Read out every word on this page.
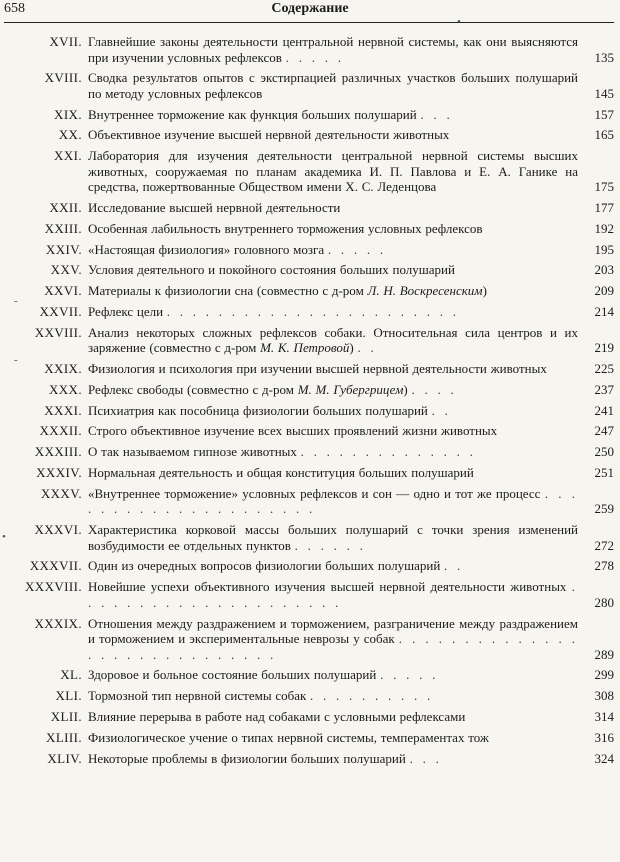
658	Содержание
XVII. Главнейшие законы деятельности центральной нервной системы, как они выясняются при изучении условных рефлексов . . . . .	135
XVIII. Сводка результатов опытов с экстирпацией различных участков больших полушарий по методу условных рефлексов	145
XIX. Внутреннее торможение как функция больших полушарий . . .	157
XX. Объективное изучение высшей нервной деятельности животных	165
XXI. Лаборатория для изучения деятельности центральной нервной системы высших животных, сооружаемая по планам академика И. П. Павлова и Е. А. Ганике на средства, пожертвованные Обществом имени Х. С. Леденцова	175
XXII. Исследование высшей нервной деятельности	177
XXIII. Особенная лабильность внутреннего торможения условных рефлексов	192
XXIV. «Настоящая физиология» головного мозга . . . . .	195
XXV. Условия деятельного и покойного состояния больших полушарий	203
XXVI. Материалы к физиологии сна (совместно с д-ром Л. Н. Воскресенским)	209
XXVII. Рефлекс цели . . . . . . . . . . . . . . . . . . . . . . .	214
XXVIII. Анализ некоторых сложных рефлексов собаки. Относительная сила центров и их заряжение (совместно с д-ром М. К. Петровой) . .	219
XXIX. Физиология и психология при изучении высшей нервной деятельности животных	225
XXX. Рефлекс свободы (совместно с д-ром М. М. Губергрицем) . . . .	237
XXXI. Психиатрия как пособница физиологии больших полушарий . .	241
XXXII. Строго объективное изучение всех высших проявлений жизни животных	247
XXXIII. О так называемом гипнозе животных . . . . . . . . . . . . . .	250
XXXIV. Нормальная деятельность и общая конституция больших полушарий	251
XXXV. «Внутреннее торможение» условных рефлексов и сон — одно и тот же процесс . . . . . . . . . . . . . . . . . . . . .	259
XXXVI. Характеристика корковой массы больших полушарий с точки зрения изменений возбудимости ее отдельных пунктов . . . . . .	272
XXXVII. Один из очередных вопросов физиологии больших полушарий . .	278
XXXVIII. Новейшие успехи объективного изучения высшей нервной деятельности животных . . . . . . . . . . . . . . . . . . . . .	280
XXXIX. Отношения между раздражением и торможением, разграничение между раздражением и торможением и экспериментальные неврозы у собак . . . . . . . . . . . . . . . . . . . . . . . . . . . . .	289
XL. Здоровое и больное состояние больших полушарий . . . . .	299
XLI. Тормозной тип нервной системы собак . . . . . . . . . .	308
XLII. Влияние перерыва в работе над собаками с условными рефлексами	314
XLIII. Физиологическое учение о типах нервной системы, темпераментах тож	316
XLIV. Некоторые проблемы в физиологии больших полушарий . . .	324
•
-
-
•
